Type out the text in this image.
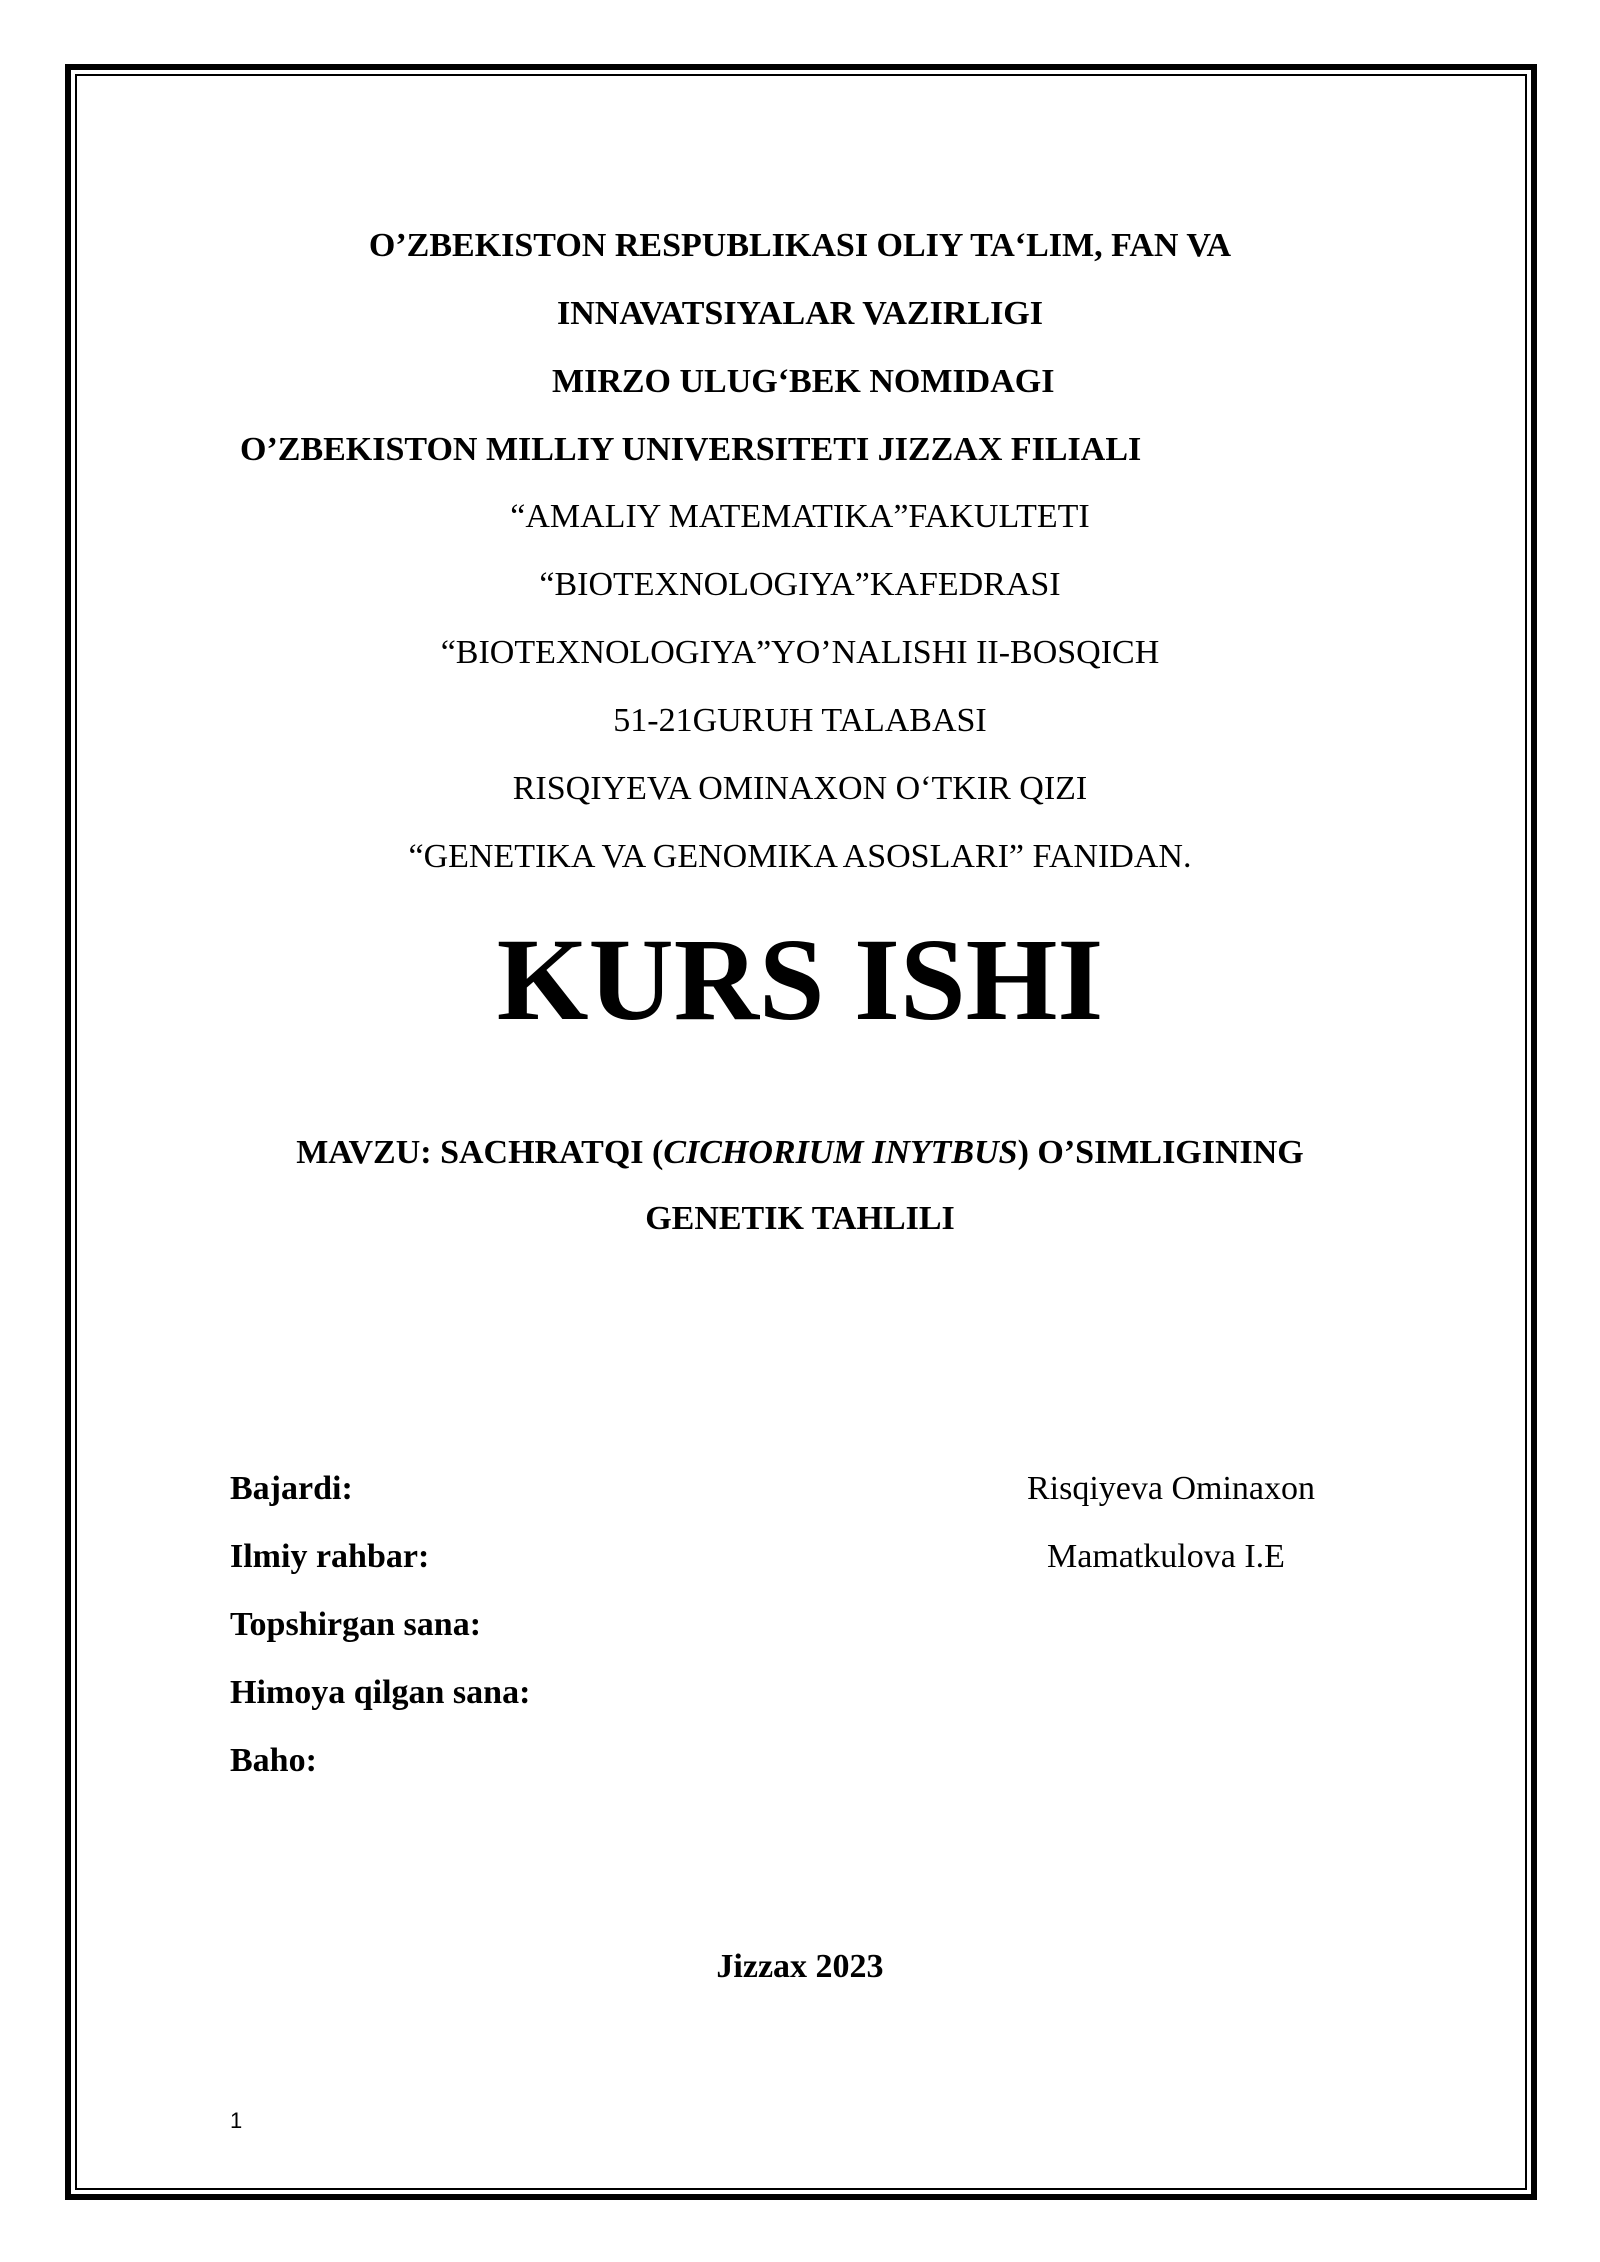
O’ZBEKISTON RESPUBLIKASI OLIY TA‘LIM, FAN VA
INNAVATSIYALAR VAZIRLIGI
MIRZO ULUG‘BEK NOMIDAGI
O’ZBEKISTON MILLIY UNIVERSITETI JIZZAX FILIALI
“AMALIY MATEMATIKA”FAKULTETI
“BIOTEXNOLOGIYA”KAFEDRASI
“BIOTEXNOLOGIYA”YO’NALISHI II-BOSQICH
51-21GURUH TALABASI
RISQIYEVA OMINAXON O‘TKIR QIZI
“GENETIKA VA GENOMIKA ASOSLARI” FANIDAN.
KURS ISHI
MAVZU: SACHRATQI (CICHORIUM INYTBUS) O’SIMLIGINING
GENETIK TAHLILI
Bajardi:	Risqiyeva Ominaxon
Ilmiy rahbar:	Mamatkulova I.E
Topshirgan sana:
Himoya qilgan sana:
Baho:
Jizzax 2023
1
